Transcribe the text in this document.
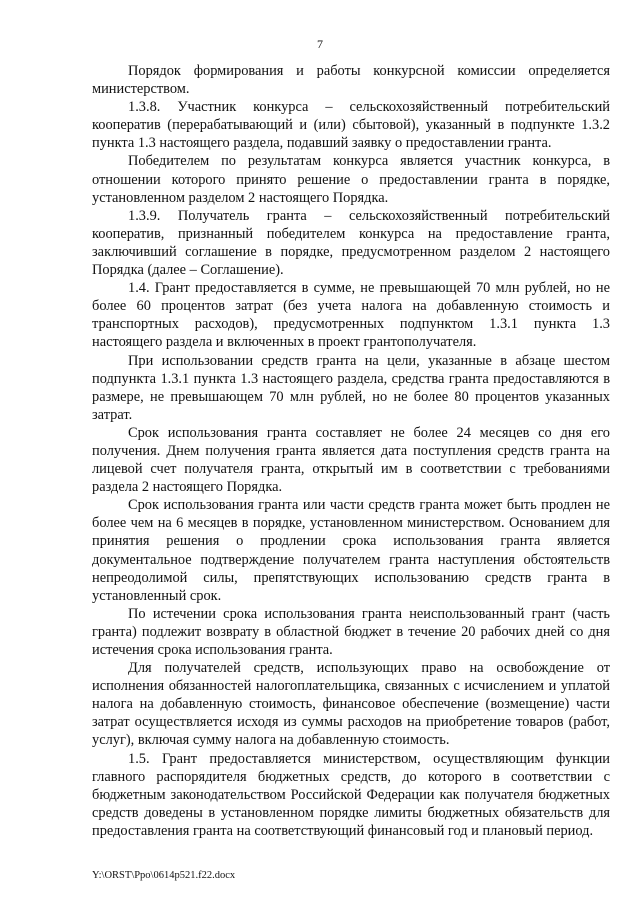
7

Порядок формирования и работы конкурсной комиссии определяется министерством.

1.3.8. Участник конкурса – сельскохозяйственный потребительский кооператив (перерабатывающий и (или) сбытовой), указанный в подпункте 1.3.2 пункта 1.3 настоящего раздела, подавший заявку о предоставлении гранта.

Победителем по результатам конкурса является участник конкурса, в отношении которого принято решение о предоставлении гранта в порядке, установленном разделом 2 настоящего Порядка.

1.3.9. Получатель гранта – сельскохозяйственный потребительский кооператив, признанный победителем конкурса на предоставление гранта, заключивший соглашение в порядке, предусмотренном разделом 2 настоящего Порядка (далее – Соглашение).

1.4. Грант предоставляется в сумме, не превышающей 70 млн рублей, но не более 60 процентов затрат (без учета налога на добавленную стоимость и транспортных расходов), предусмотренных подпунктом 1.3.1 пункта 1.3 настоящего раздела и включенных в проект грантополучателя.

При использовании средств гранта на цели, указанные в абзаце шестом подпункта 1.3.1 пункта 1.3 настоящего раздела, средства гранта предоставляются в размере, не превышающем 70 млн рублей, но не более 80 процентов указанных затрат.

Срок использования гранта составляет не более 24 месяцев со дня его получения. Днем получения гранта является дата поступления средств гранта на лицевой счет получателя гранта, открытый им в соответствии с требованиями раздела 2 настоящего Порядка.

Срок использования гранта или части средств гранта может быть продлен не более чем на 6 месяцев в порядке, установленном министерством. Основанием для принятия решения о продлении срока использования гранта является документальное подтверждение получателем гранта наступления обстоятельств непреодолимой силы, препятствующих использованию средств гранта в установленный срок.

По истечении срока использования гранта неиспользованный грант (часть гранта) подлежит возврату в областной бюджет в течение 20 рабочих дней со дня истечения срока использования гранта.

Для получателей средств, использующих право на освобождение от исполнения обязанностей налогоплательщика, связанных с исчислением и уплатой налога на добавленную стоимость, финансовое обеспечение (возмещение) части затрат осуществляется исходя из суммы расходов на приобретение товаров (работ, услуг), включая сумму налога на добавленную стоимость.

1.5. Грант предоставляется министерством, осуществляющим функции главного распорядителя бюджетных средств, до которого в соответствии с бюджетным законодательством Российской Федерации как получателя бюджетных средств доведены в установленном порядке лимиты бюджетных обязательств для предоставления гранта на соответствующий финансовый год и плановый период.

Y:\ORST\Ppo\0614p521.f22.docx
